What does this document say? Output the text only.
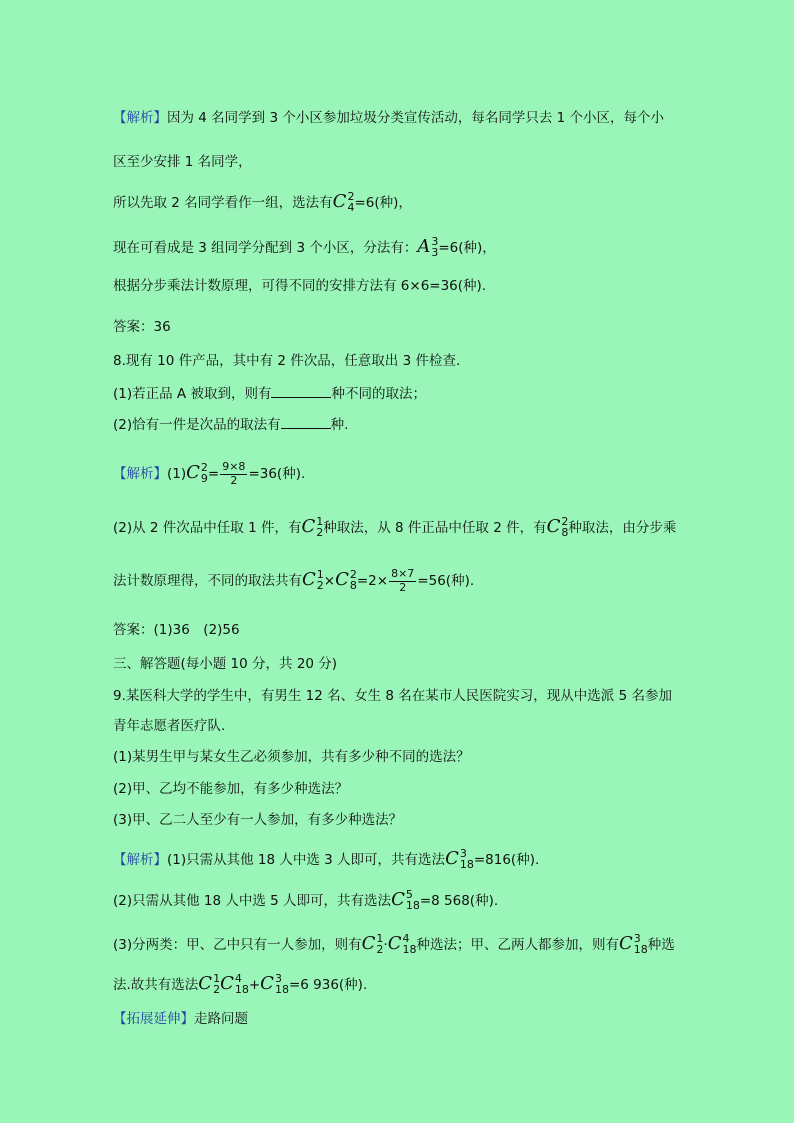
【解析】因为 4 名同学到 3 个小区参加垃圾分类宣传活动，每名同学只去 1 个小区，每个小
区至少安排 1 名同学，
所以先取 2 名同学看作一组，选法有C 2
4 =6(种)，
现在可看成是 3 组同学分配到 3 个小区，分法有：A 3
3 =6(种)，
根据分步乘法计数原理，可得不同的安排方法有 6×6=36(种).
答案：36
8.现有 10 件产品，其中有 2 件次品，任意取出 3 件检查.
(1)若正品 A 被取到，则有	种不同的取法；
(2)恰有一件是次品的取法有	种.
【解析】(1)C 2
$9 = \frac{9\times 8}{2} =36$(种).
(2)从 2 件次品中任取 1 件，有C 1
2 种取法，从 8 件正品中任取 2 件，有C 2
8 种取法，由分步乘
法计数原理得，不同的取法共有C 1
2 ×C 2
$8 =2\times \frac{8\times 7}{2} =56$(种).
答案：(1)36　(2)56
三、解答题(每小题 10 分，共 20 分)
9.某医科大学的学生中，有男生 12 名、女生 8 名在某市人民医院实习，现从中选派 5 名参加
青年志愿者医疗队.
(1)某男生甲与某女生乙必须参加，共有多少种不同的选法？
(2)甲、乙均不能参加，有多少种选法？
(3)甲、乙二人至少有一人参加，有多少种选法？
【解析】(1)只需从其他 18 人中选 3 人即可，共有选法C 3
18 =816(种).
(2)只需从其他 18 人中选 5 人即可，共有选法C 5
18 =8 568(种).
(3)分两类：甲、乙中只有一人参加，则有C 1
2 ·C 4
18 种选法；甲、乙两人都参加，则有C 3
18 种选
法.故共有选法C 1
2 C 4
18 +C 3
18 =6 936(种).
【拓展延伸】走路问题
